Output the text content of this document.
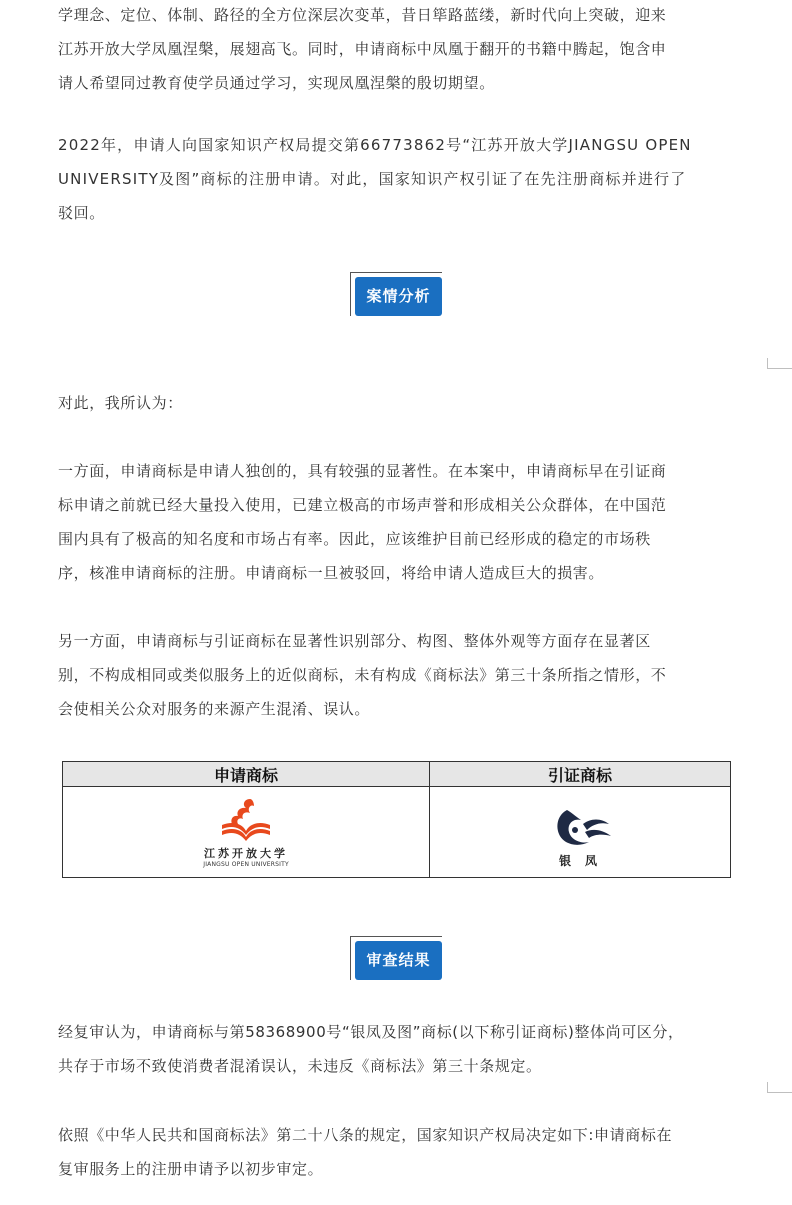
学理念、定位、体制、路径的全方位深层次变革，昔日筚路蓝缕，新时代向上突破，迎来

江苏开放大学凤凰涅槃，展翅高飞。同时，申请商标中凤凰于翻开的书籍中腾起，饱含申

请人希望同过教育使学员通过学习，实现凤凰涅槃的殷切期望。

2022年，申请人向国家知识产权局提交第66773862号“江苏开放大学JIANGSU OPEN

UNIVERSITY及图”商标的注册申请。对此，国家知识产权引证了在先注册商标并进行了

驳回。

对此，我所认为：

一方面，申请商标是申请人独创的，具有较强的显著性。在本案中，申请商标早在引证商

标申请之前就已经大量投入使用，已建立极高的市场声誉和形成相关公众群体，在中国范

围内具有了极高的知名度和市场占有率。因此，应该维护目前已经形成的稳定的市场秩

序，核准申请商标的注册。申请商标一旦被驳回，将给申请人造成巨大的损害。

另一方面，申请商标与引证商标在显著性识别部分、构图、整体外观等方面存在显著区

别，不构成相同或类似服务上的近似商标，未有构成《商标法》第三十条所指之情形，不

会使相关公众对服务的来源产生混淆、误认。

经复审认为，申请商标与第58368900号“银凤及图”商标(以下称引证商标)整体尚可区分，

共存于市场不致使消费者混淆误认，未违反《商标法》第三十条规定。

依照《中华人民共和国商标法》第二十八条的规定，国家知识产权局决定如下:申请商标在

复审服务上的注册申请予以初步审定。

案情分析
审查结果
申请商标	引证商标

江苏开放大学
JIANGSU OPEN UNIVERSITY	银凤
